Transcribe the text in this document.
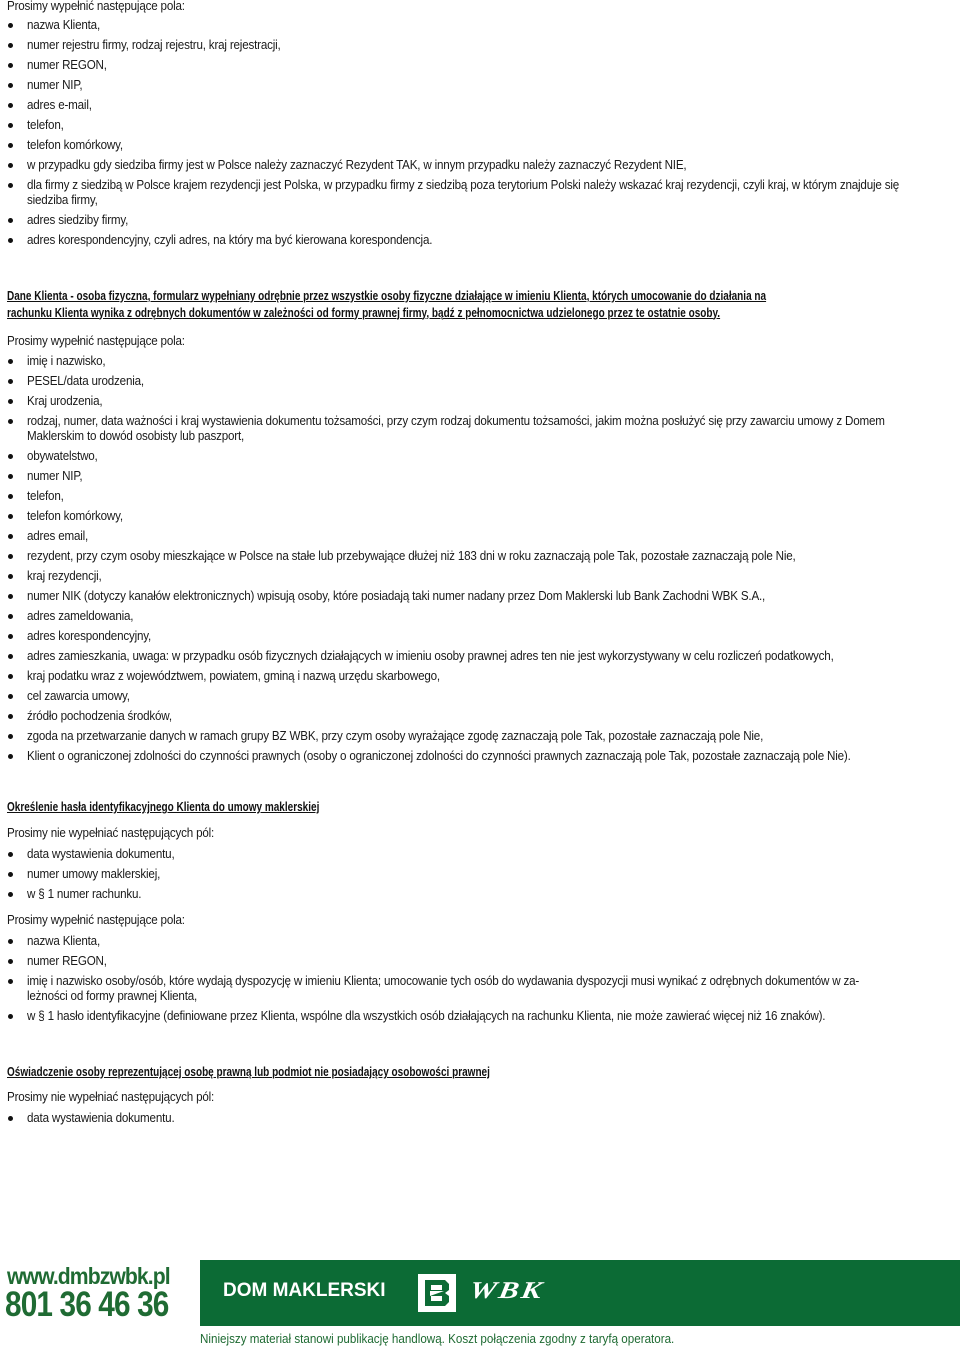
Prosimy wypełnić następujące pola:
nazwa Klienta,
numer rejestru firmy, rodzaj rejestru, kraj rejestracji,
numer REGON,
numer NIP,
adres e-mail,
telefon,
telefon komórkowy,
w przypadku gdy siedziba firmy jest w Polsce należy zaznaczyć Rezydent TAK, w innym przypadku należy zaznaczyć Rezydent NIE,
dla firmy z siedzibą w Polsce krajem rezydencji jest Polska, w przypadku firmy z siedzibą poza terytorium Polski należy wskazać kraj rezydencji, czyli kraj, w którym znajduje się siedziba firmy,
adres siedziby firmy,
adres korespondencyjny, czyli adres, na który ma być kierowana korespondencja.
Dane Klienta - osoba fizyczna, formularz wypełniany odrębnie przez wszystkie osoby fizyczne działające w imieniu Klienta, których umocowanie do działania na rachunku Klienta wynika z odrębnych dokumentów w zależności od formy prawnej firmy, bądź z pełnomocnictwa udzielonego przez te ostatnie osoby.
Prosimy wypełnić następujące pola:
imię i nazwisko,
PESEL/data urodzenia,
Kraj urodzenia,
rodzaj, numer, data ważności i kraj wystawienia dokumentu tożsamości, przy czym rodzaj dokumentu tożsamości, jakim można posłużyć się przy zawarciu umowy z Domem Maklerskim to dowód osobisty lub paszport,
obywatelstwo,
numer NIP,
telefon,
telefon komórkowy,
adres email,
rezydent, przy czym osoby mieszkające w Polsce na stałe lub przebywające dłużej niż 183 dni w roku zaznaczają pole Tak, pozostałe zaznaczają pole Nie,
kraj rezydencji,
numer NIK (dotyczy kanałów elektronicznych) wpisują osoby, które posiadają taki numer nadany przez Dom Maklerski lub Bank Zachodni WBK S.A.,
adres zameldowania,
adres korespondencyjny,
adres zamieszkania, uwaga: w przypadku osób fizycznych działających w imieniu osoby prawnej adres ten nie jest wykorzystywany w celu rozliczeń podatkowych,
kraj podatku wraz z województwem, powiatem, gminą i nazwą urzędu skarbowego,
cel zawarcia umowy,
źródło pochodzenia środków,
zgoda na przetwarzanie danych w ramach grupy BZ WBK, przy czym osoby wyrażające zgodę zaznaczają pole Tak, pozostałe zaznaczają pole Nie,
Klient o ograniczonej zdolności do czynności prawnych (osoby o ograniczonej zdolności do czynności prawnych zaznaczają pole Tak, pozostałe zaznaczają pole Nie).
Określenie hasła identyfikacyjnego Klienta do umowy maklerskiej
Prosimy nie wypełniać następujących pól:
data wystawienia dokumentu,
numer umowy maklerskiej,
w § 1 numer rachunku.
Prosimy wypełnić następujące pola:
nazwa Klienta,
numer REGON,
imię i nazwisko osoby/osób, które wydają dyspozycję w imieniu Klienta; umocowanie tych osób do wydawania dyspozycji musi wynikać z odrębnych dokumentów w za-
leżności od formy prawnej Klienta,
w § 1 hasło identyfikacyjne (definiowane przez Klienta, wspólne dla wszystkich osób działających na rachunku Klienta, nie może zawierać więcej niż 16 znaków).
Oświadczenie osoby reprezentującej osobę prawną lub podmiot nie posiadający osobowości prawnej
Prosimy nie wypełniać następujących pól:
data wystawienia dokumentu.
www.dmbzwbk.pl
801 36 46 36	DOM MAKLERSKI	WBK
Niniejszy materiał stanowi publikację handlową. Koszt połączenia zgodny z taryfą operatora.
